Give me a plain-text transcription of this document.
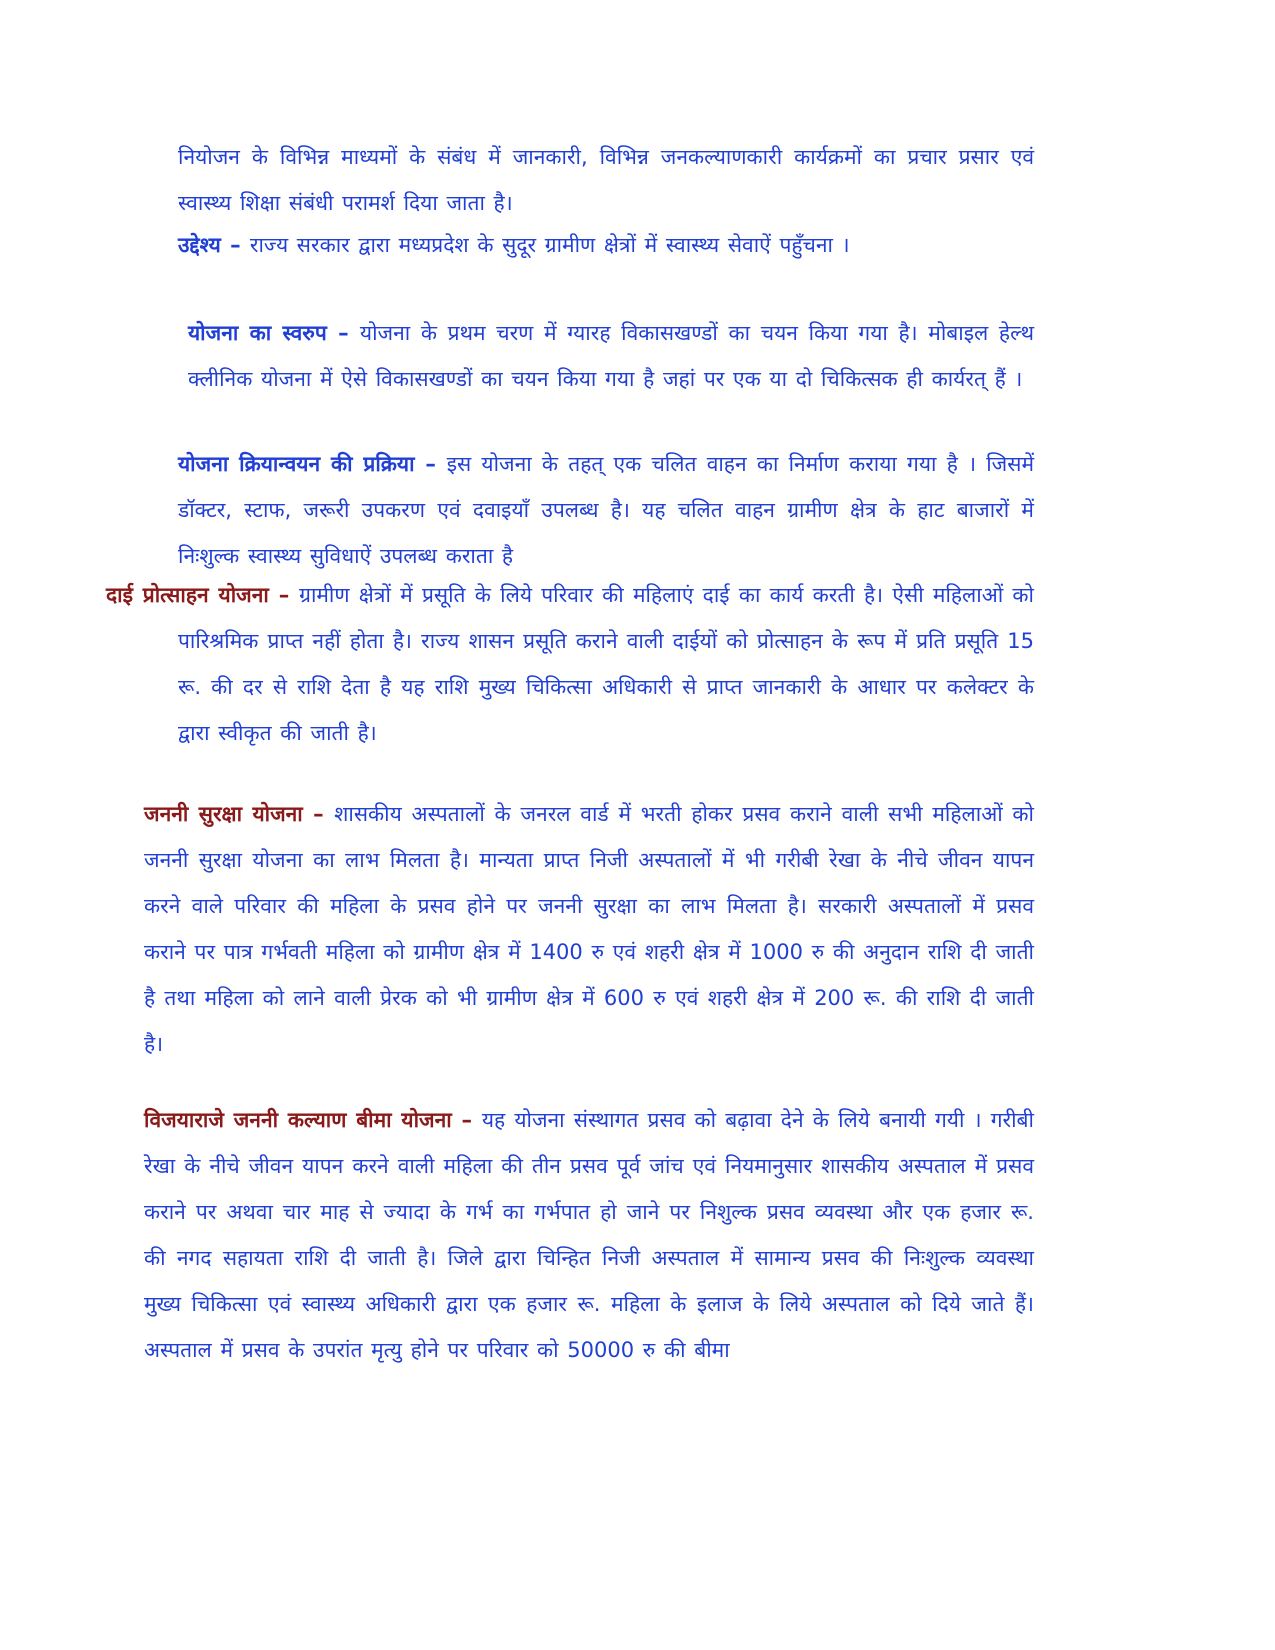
नियोजन के विभिन्न माध्यमों के संबंध में जानकारी, विभिन्न जनकल्याणकारी कार्यक्रमों का प्रचार प्रसार एवं स्वास्थ्य शिक्षा संबंधी परामर्श दिया जाता है।

उद्देश्य – राज्य सरकार द्वारा मध्यप्रदेश के सुदूर ग्रामीण क्षेत्रों में स्वास्थ्य सेवाऐं पहुँचना ।

योजना का स्वरुप – योजना के प्रथम चरण में ग्यारह विकासखण्डों का चयन किया गया है। मोबाइल हेल्थ क्लीनिक योजना में ऐसे विकासखण्डों का चयन किया गया है जहां पर एक या दो चिकित्सक ही कार्यरत् हैं ।

योजना क्रियान्वयन की प्रक्रिया – इस योजना के तहत् एक चलित वाहन का निर्माण कराया गया है । जिसमें डॉक्टर, स्टाफ, जरूरी उपकरण एवं दवाइयाँ उपलब्ध है। यह चलित वाहन ग्रामीण क्षेत्र के हाट बाजारों में निःशुल्क स्वास्थ्य सुविधाऐं उपलब्ध कराता है

दाई प्रोत्साहन योजना – ग्रामीण क्षेत्रों में प्रसूति के लिये परिवार की महिलाएं दाई का कार्य करती है। ऐसी महिलाओं को पारिश्रमिक प्राप्त नहीं होता है। राज्य शासन प्रसूति कराने वाली दाईयों को प्रोत्साहन के रूप में प्रति प्रसूति 15 रू. की दर से राशि देता है यह राशि मुख्य चिकित्सा अधिकारी से प्राप्त जानकारी के आधार पर कलेक्टर के द्वारा स्वीकृत की जाती है।

जननी सुरक्षा योजना – शासकीय अस्पतालों के जनरल वार्ड में भरती होकर प्रसव कराने वाली सभी महिलाओं को जननी सुरक्षा योजना का लाभ मिलता है। मान्यता प्राप्त निजी अस्पतालों में भी गरीबी रेखा के नीचे जीवन यापन करने वाले परिवार की महिला के प्रसव होने पर जननी सुरक्षा का लाभ मिलता है। सरकारी अस्पतालों में प्रसव कराने पर पात्र गर्भवती महिला को ग्रामीण क्षेत्र में 1400 रु एवं शहरी क्षेत्र में 1000 रु की अनुदान राशि दी जाती है तथा महिला को लाने वाली प्रेरक को भी ग्रामीण क्षेत्र में 600 रु एवं शहरी क्षेत्र में 200 रू. की राशि दी जाती है।

विजयाराजे जननी कल्याण बीमा योजना – यह योजना संस्थागत प्रसव को बढ़ावा देने के लिये बनायी गयी । गरीबी रेखा के नीचे जीवन यापन करने वाली महिला की तीन प्रसव पूर्व जांच एवं नियमानुसार शासकीय अस्पताल में प्रसव कराने पर अथवा चार माह से ज्यादा के गर्भ का गर्भपात हो जाने पर निशुल्क प्रसव व्यवस्था और एक हजार रू. की नगद सहायता राशि दी जाती है। जिले द्वारा चिन्हित निजी अस्पताल में सामान्य प्रसव की निःशुल्क व्यवस्था मुख्य चिकित्सा एवं स्वास्थ्य अधिकारी द्वारा एक हजार रू. महिला के इलाज के लिये अस्पताल को दिये जाते हैं। अस्पताल में प्रसव के उपरांत मृत्यु होने पर परिवार को 50000 रु की बीमा
